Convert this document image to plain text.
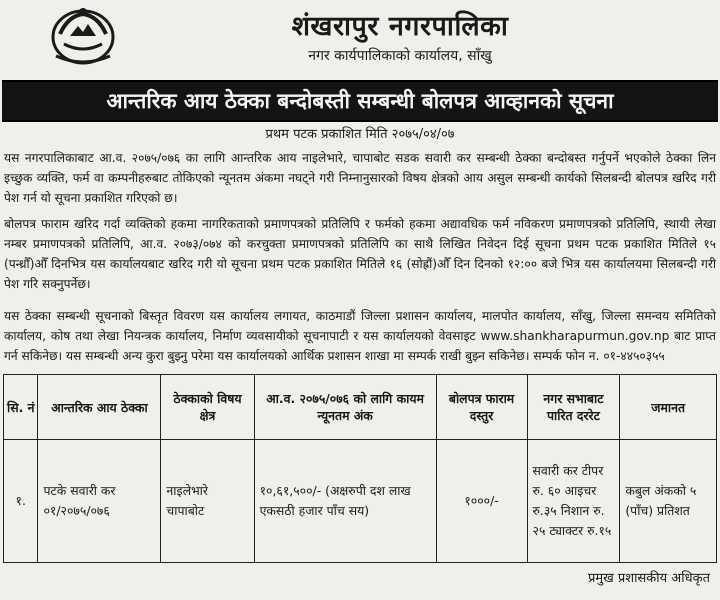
शंखरापुर नगरपालिका
नगर कार्यपालिकाको कार्यालय, साँखु
आन्तरिक आय ठेक्का बन्दोबस्ती सम्बन्धी बोलपत्र आव्हानको सूचना
प्रथम पटक प्रकाशित मिति २०७५/०४/०७

यस नगरपालिकाबाट आ.व. २०७५/०७६ का लागि आन्तरिक आय नाइलेभारे, चापाबोट सडक सवारी कर सम्बन्धी ठेक्का बन्दोबस्त गर्नुपर्ने भएकोले ठेक्का लिन इच्छुक व्यक्ति, फर्म वा कम्पनीहरुबाट तोकिएको न्यूनतम अंकमा नघट्ने गरी निम्नानुसारको विषय क्षेत्रको आय असुल सम्बन्धी कार्यको सिलबन्दी बोलपत्र खरिद गरी पेश गर्न यो सूचना प्रकाशित गरिएको छ।

बोलपत्र फाराम खरिद गर्दा व्यक्तिको हकमा नागरिकताको प्रमाणपत्रको प्रतिलिपि र फर्मको हकमा अद्यावधिक फर्म नविकरण प्रमाणपत्रको प्रतिलिपि, स्थायी लेखा नम्बर प्रमाणपत्रको प्रतिलिपि, आ.व. २०७३/०७४ को करचुक्ता प्रमाणपत्रको प्रतिलिपि का साथै लिखित निवेदन दिई सूचना प्रथम पटक प्रकाशित मितिले १५ (पन्ध्रौँ)औँ दिनभित्र यस कार्यालयबाट खरिद गरी यो सूचना प्रथम पटक प्रकाशित मितिले १६ (सोह्रौं)औँ दिन दिनको १२:०० बजे भित्र यस कार्यालयमा सिलबन्दी गरी पेश गरि सक्नुपर्नेछ।

यस ठेक्का सम्बन्धी सूचनाको बिस्तृत विवरण यस कार्यालय लगायत, काठमाडौं जिल्ला प्रशासन कार्यालय, मालपोत कार्यालय, साँखु, जिल्ला समन्वय समितिको कार्यालय, कोष तथा लेखा नियन्त्रक कार्यालय, निर्माण व्यवसायीको सूचनापाटी र यस कार्यालयको वेवसाइट www.shankharapurmun.gov.np बाट प्राप्त गर्न सकिनेछ। यस सम्बन्धी अन्य कुरा बुझ्नु परेमा यस कार्यालयको आर्थिक प्रशासन शाखा मा सम्पर्क राखी बुझ्न सकिनेछ। सम्पर्क फोन न. ०१-४४५०३५५

सि. नं	आन्तरिक आय ठेक्का	ठेक्काको विषय क्षेत्र	आ.व. २०७५/०७६ को लागि कायम न्यूनतम अंक	बोलपत्र फाराम दस्तुर	नगर सभाबाट पारित दररेट	जमानत
१.	पटके सवारी कर ०१/२०७५/०७६	नाइलेभारे चापाबोट	१०,६१,५००/- (अक्षरुपी दश लाख एकसठी हजार पाँच सय)	१०००/-	सवारी कर टीपर रु. ६० आइचर रु.३५ निशान रु. २५ ट्याक्टर रु.१५	कबुल अंकको ५ (पाँच) प्रतिशत
प्रमुख प्रशासकीय अधिकृत
